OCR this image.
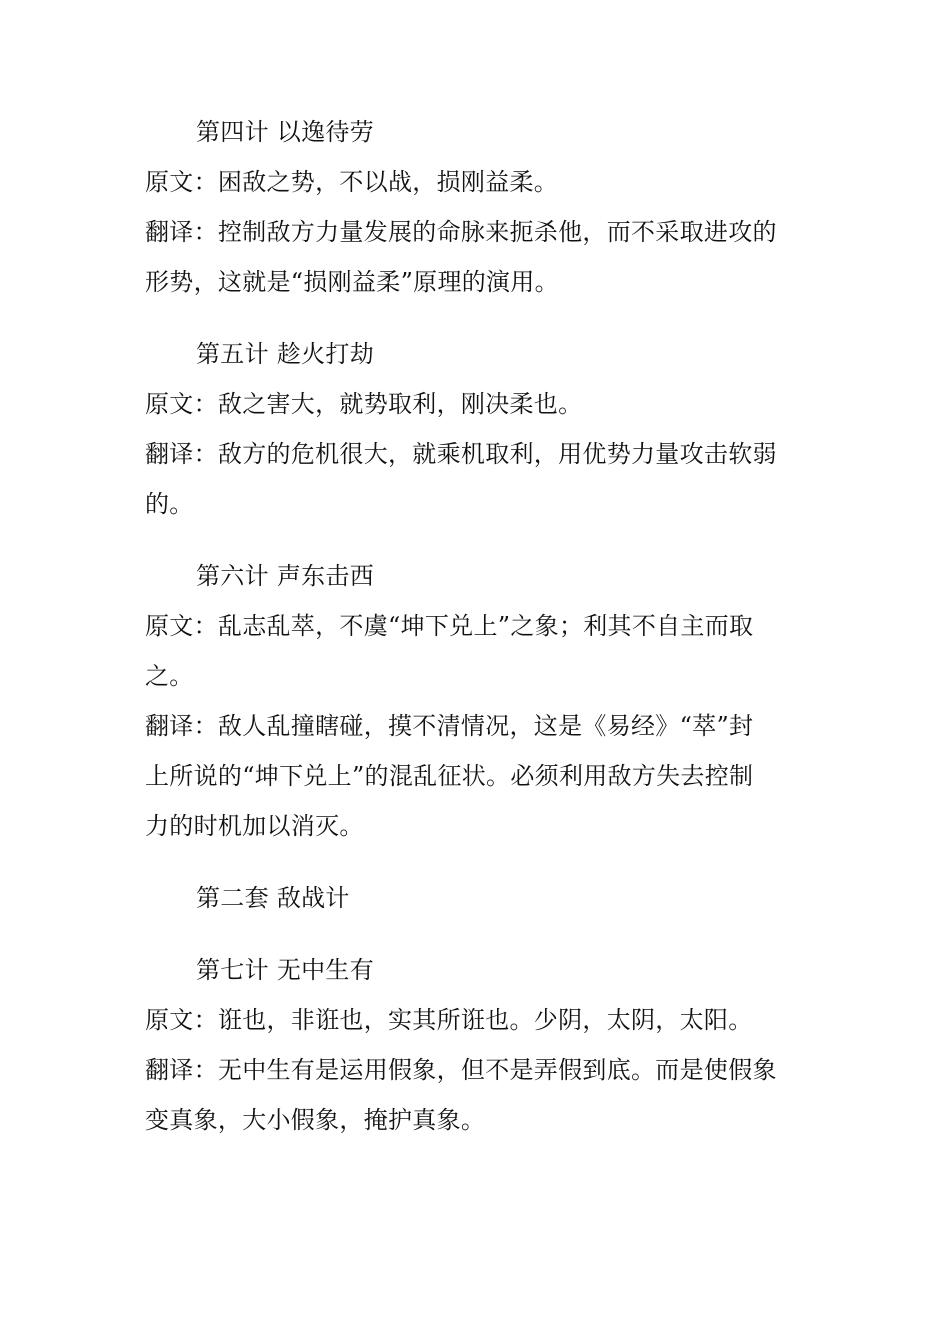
第四计 以逸待劳
原文：困敌之势，不以战，损刚益柔。
翻译：控制敌方力量发展的命脉来扼杀他，而不采取进攻的
形势，这就是“损刚益柔”原理的演用。
第五计 趁火打劫
原文：敌之害大，就势取利，刚决柔也。
翻译：敌方的危机很大，就乘机取利，用优势力量攻击软弱
的。
第六计 声东击西
原文：乱志乱萃，不虞“坤下兑上”之象；利其不自主而取
之。
翻译：敌人乱撞瞎碰，摸不清情况，这是《易经》“萃”封
上所说的“坤下兑上”的混乱征状。必须利用敌方失去控制
力的时机加以消灭。
第二套 敌战计
第七计 无中生有
原文：诳也，非诳也，实其所诳也。少阴，太阴，太阳。
翻译：无中生有是运用假象，但不是弄假到底。而是使假象
变真象，大小假象，掩护真象。
